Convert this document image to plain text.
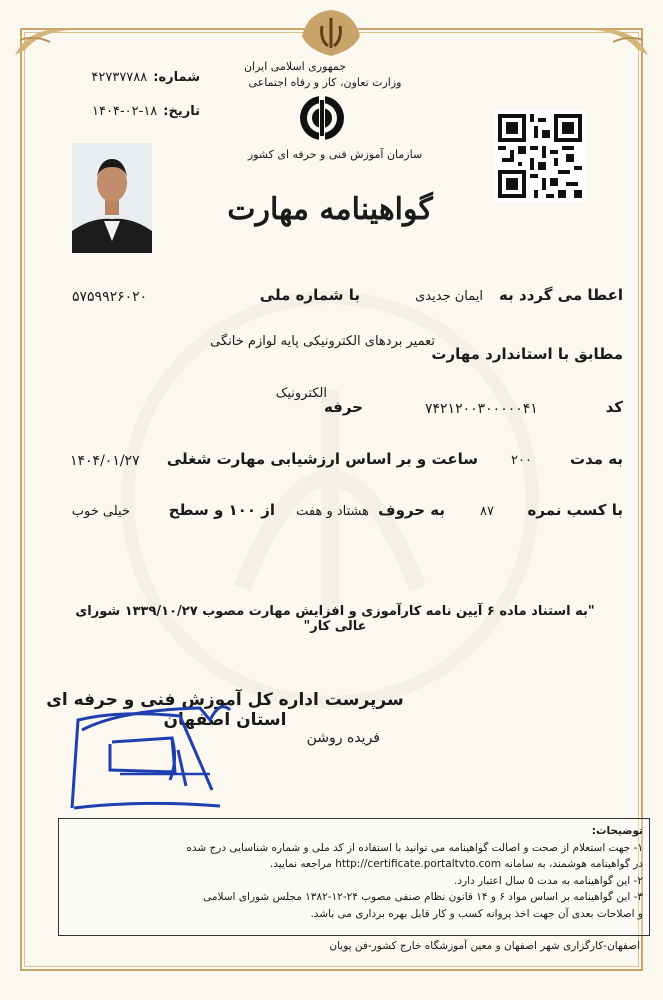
جمهوری اسلامی ایران
وزارت تعاون، کار و رفاه اجتماعی
سازمان آموزش فنی و حرفه ای کشور
شماره:
۴۲۷۳۷۷۸۸
تاریخ:
۱۴۰۴-۰۲-۱۸
گواهینامه مهارت
اعطا می گردد به
ایمان جدیدی
با شماره ملی
۵۷۵۹۹۲۶۰۲۰
تعمیر بردهای الکترونیکی پایه لوازم خانگی
مطابق با استاندارد مهارت
کد
۷۴۲۱۲۰۰۳۰۰۰۰۰۴۱
حرفه
الکترونیک
به مدت
۲۰۰
ساعت و بر اساس ارزشیابی مهارت شغلی
۱۴۰۴/۰۱/۲۷
با کسب نمره
۸۷
به حروف
هشتاد و هفت
از ۱۰۰ و سطح
خیلی خوب
"به استناد ماده ۶ آیین نامه کارآموزی و افزایش مهارت مصوب ۱۳۳۹/۱۰/۲۷ شورای عالی کار"
سرپرست اداره کل آموزش فنی و حرفه ای استان اصفهان
فریده روشن
توضیحات:
۱- جهت استعلام از صحت و اصالت گواهینامه می توانید با استفاده از کد ملی و شماره شناسایی درج شده
در گواهینامه هوشمند، به سامانه http://certificate.portaltvto.com مراجعه نمایید.
۲- این گواهینامه به مدت ۵ سال اعتبار دارد.
۳- این گواهینامه بر اساس مواد ۶ و ۱۴ قانون نظام صنفی مصوب ۲۴-۱۲-۱۳۸۲ مجلس شورای اسلامی
و اصلاحات بعدی آن جهت اخذ پروانه کسب و کار قابل بهره برداری می باشد.
اصفهان-کارگزاری شهر اصفهان و معین آموزشگاه خارج کشور-فن پویان
